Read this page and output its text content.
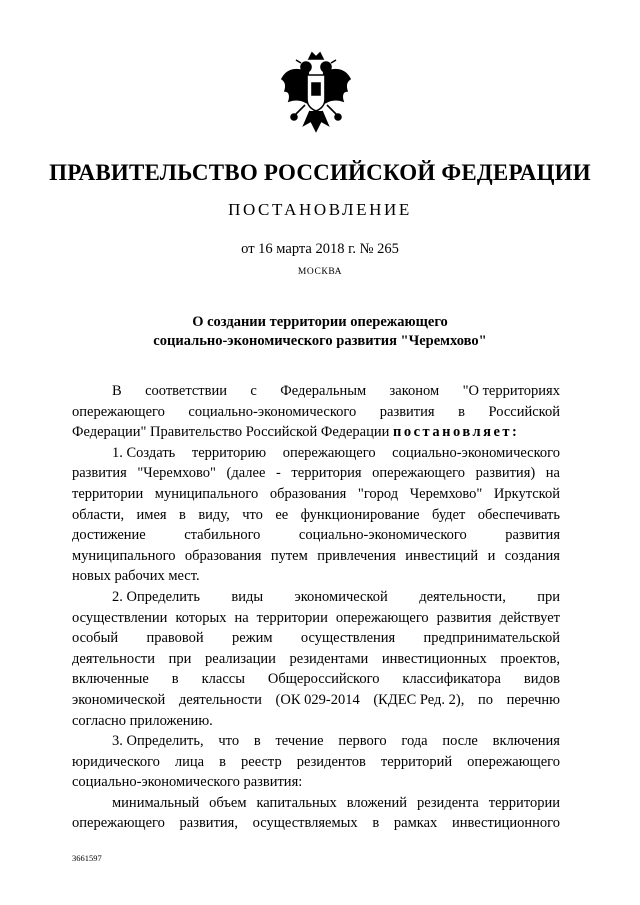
ПРАВИТЕЛЬСТВО РОССИЙСКОЙ ФЕДЕРАЦИИ
ПОСТАНОВЛЕНИЕ
от 16 марта 2018 г. № 265
МОСКВА
О создании территории опережающего
социально-экономического развития "Черемхово"
В соответствии с Федеральным законом "О территориях
опережающего социально-экономического развития в Российской
Федерации" Правительство Российской Федерации
постановляет:
1. Создать территорию опережающего социально-экономического
развития "Черемхово" (далее - территория опережающего развития) на
территории муниципального образования "город Черемхово" Иркутской
области, имея в виду, что ее функционирование будет обеспечивать
достижение	стабильного	социально-экономического	развития
муниципального образования путем привлечения инвестиций и создания
новых рабочих мест.
2. Определить виды экономической деятельности, при
осуществлении которых на территории опережающего развития действует
особый правовой режим осуществления предпринимательской
деятельности при реализации резидентами инвестиционных проектов,
включенные в классы Общероссийского классификатора видов
экономической деятельности (ОК 029-2014 (КДЕС Ред. 2), по перечню
согласно приложению.
3. Определить, что в течение первого года после включения
юридического лица в реестр резидентов территорий опережающего
социально-экономического развития:
минимальный объем капитальных вложений резидента территории
опережающего развития, осуществляемых в рамках инвестиционного
3661597
